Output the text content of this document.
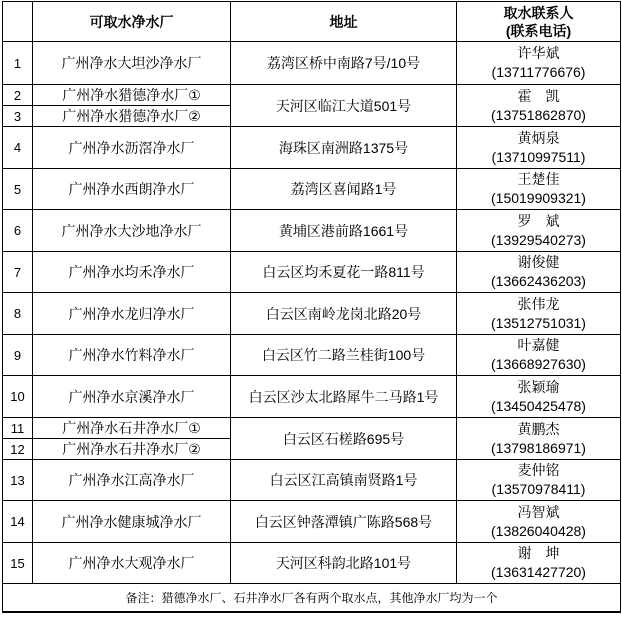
	可取水净水厂	地址	取水联系人
(联系电话)

1	广州净水大坦沙净水厂	荔湾区桥中南路7号/10号	许华斌
(13711776676)

2	广州净水猎德净水厂①	天河区临江大道501号	霍　凯
(13751862870)

3	广州净水猎德净水厂②		
4	广州净水沥滘净水厂	海珠区南洲路1375号	黄炳泉
(13710997511)

5	广州净水西朗净水厂	荔湾区喜闻路1号	王楚佳
(15019909321)

6	广州净水大沙地净水厂	黄埔区港前路1661号	罗　斌
(13929540273)

7	广州净水均禾净水厂	白云区均禾夏花一路811号	谢俊健
(13662436203)

8	广州净水龙归净水厂	白云区南岭龙岗北路20号	张伟龙
(13512751031)

9	广州净水竹料净水厂	白云区竹二路兰桂街100号	叶嘉健
(13668927630)

10	广州净水京溪净水厂	白云区沙太北路犀牛二马路1号	张颖瑜
(13450425478)

11	广州净水石井净水厂①	白云区石槎路695号	黄鹏杰
(13798186971)

12	广州净水石井净水厂②		
13	广州净水江高净水厂	白云区江高镇南贤路1号	麦仲铭
(13570978411)

14	广州净水健康城净水厂	白云区钟落潭镇广陈路568号	冯智斌
(13826040428)

15	广州净水大观净水厂	天河区科韵北路101号	谢　坤
(13631427720)

备注：猎德净水厂、石井净水厂各有两个取水点，其他净水厂均为一个			
